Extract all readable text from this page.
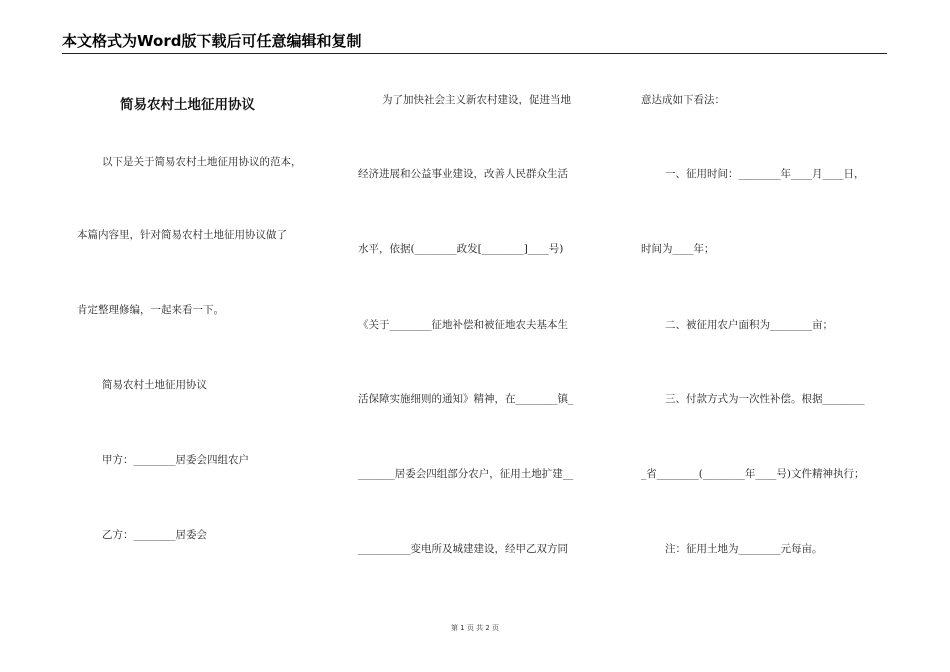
本文格式为Word版下载后可任意编辑和复制
简易农村土地征用协议
以下是关于简易农村土地征用协议的范本，
本篇内容里，针对简易农村土地征用协议做了
肯定整理修编，一起来看一下。
简易农村土地征用协议
甲方：________居委会四组农户
乙方：________居委会
为了加快社会主义新农村建设，促进当地
经济进展和公益事业建设，改善人民群众生活
水平，依据(________政发[________]____号)
《关于________征地补偿和被征地农夫基本生
活保障实施细则的通知》精神，在________镇_
_______居委会四组部分农户，征用土地扩建__
__________变电所及城建建设，经甲乙双方同
意达成如下看法：
一、征用时间：________年____月____日，
时间为____年；
二、被征用农户面积为________亩；
三、付款方式为一次性补偿。根据________
_省________(________年____号)文件精神执行；
注：征用土地为________元每亩。
第 1 页 共 2 页
